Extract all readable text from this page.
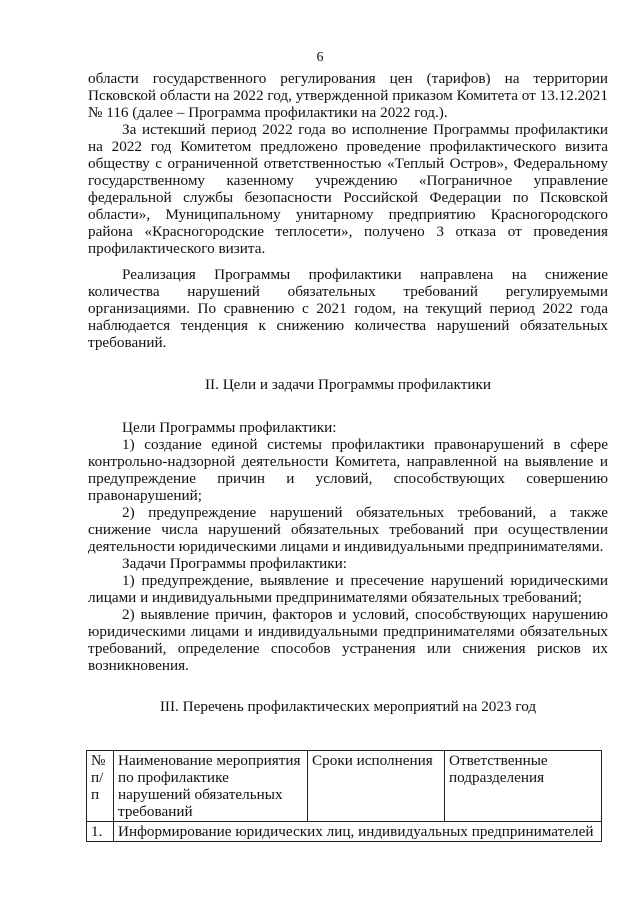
6

области государственного регулирования цен (тарифов) на территории Псковской области на 2022 год, утвержденной приказом Комитета от 13.12.2021 № 116 (далее – Программа профилактики на 2022 год.).

За истекший период 2022 года во исполнение Программы профилактики на 2022 год Комитетом предложено проведение профилактического визита обществу с ограниченной ответственностью «Теплый Остров», Федеральному государственному казенному учреждению «Пограничное управление федеральной службы безопасности Российской Федерации по Псковской области», Муниципальному унитарному предприятию Красногородского района «Красногородские теплосети», получено 3 отказа от проведения профилактического визита.

Реализация Программы профилактики направлена на снижение количества нарушений обязательных требований регулируемыми организациями. По сравнению с 2021 годом, на текущий период 2022 года наблюдается тенденция к снижению количества нарушений обязательных требований.

II. Цели и задачи Программы профилактики

Цели Программы профилактики:

1) создание единой системы профилактики правонарушений в сфере контрольно-надзорной деятельности Комитета, направленной на выявление и предупреждение причин и условий, способствующих совершению правонарушений;

2) предупреждение нарушений обязательных требований, а также снижение числа нарушений обязательных требований при осуществлении деятельности юридическими лицами и индивидуальными предпринимателями.

Задачи Программы профилактики:

1) предупреждение, выявление и пресечение нарушений юридическими лицами и индивидуальными предпринимателями обязательных требований;

2) выявление причин, факторов и условий, способствующих нарушению юридическими лицами и индивидуальными предпринимателями обязательных требований, определение способов устранения или снижения рисков их возникновения.

III. Перечень профилактических мероприятий на 2023 год

№ п/п	Наименование мероприятия по профилактике нарушений обязательных требований	Сроки исполнения	Ответственные подразделения
1.	Информирование юридических лиц, индивидуальных предпринимателей		
